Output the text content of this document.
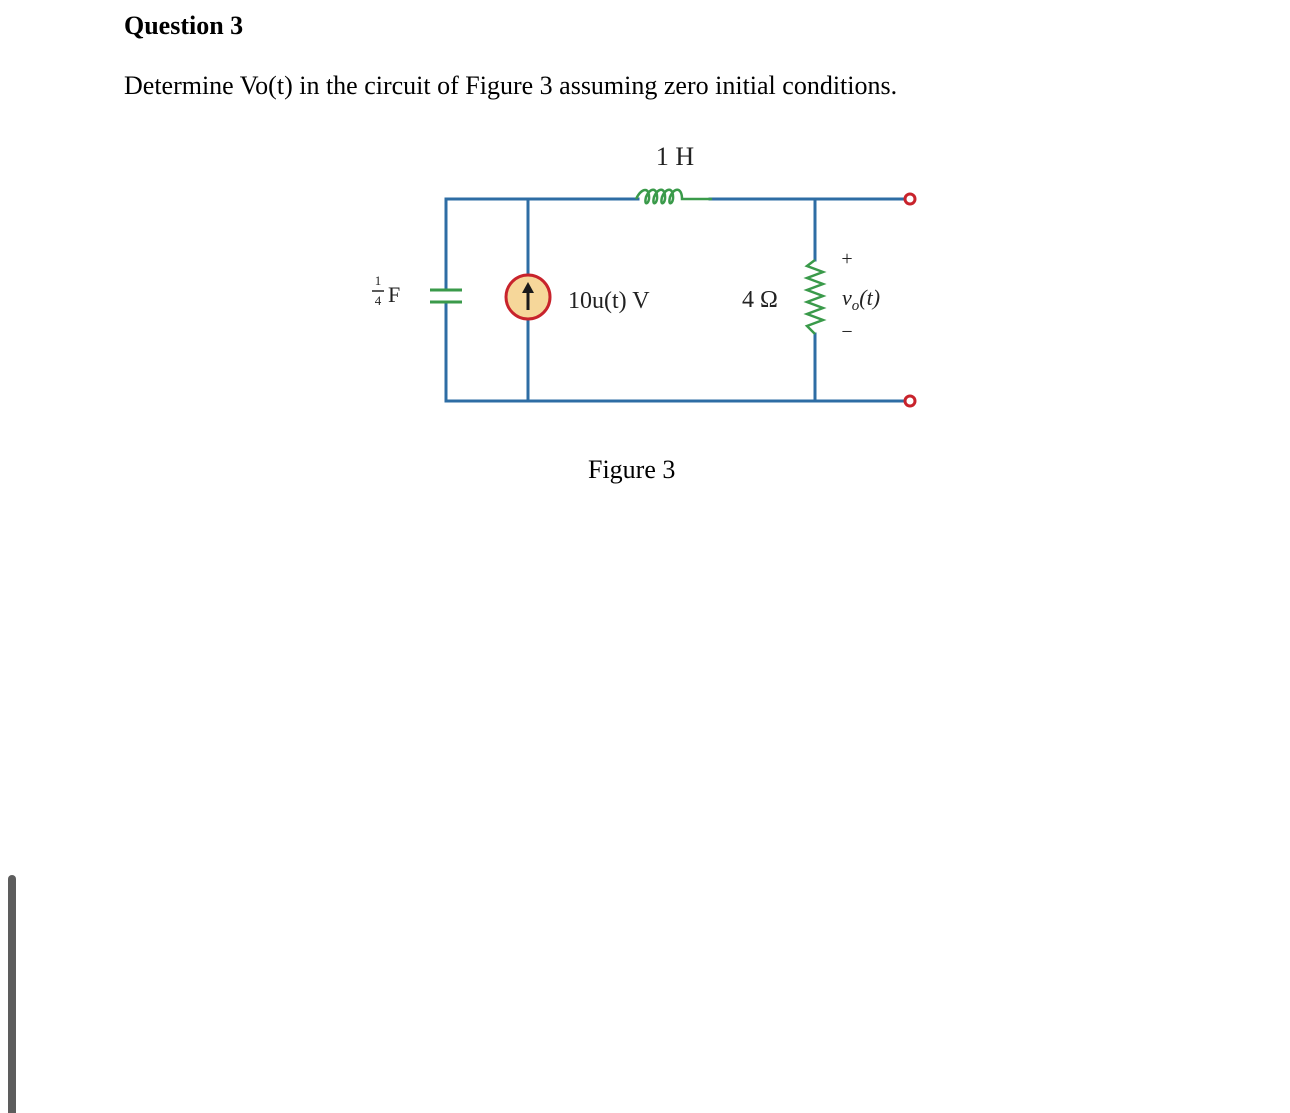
Question 3

Determine Vo(t) in the circuit of Figure 3 assuming zero initial conditions.

1 H
1
4 F	10u(t) V	4 Ω
+
$v_o(t)$
−

Figure 3
